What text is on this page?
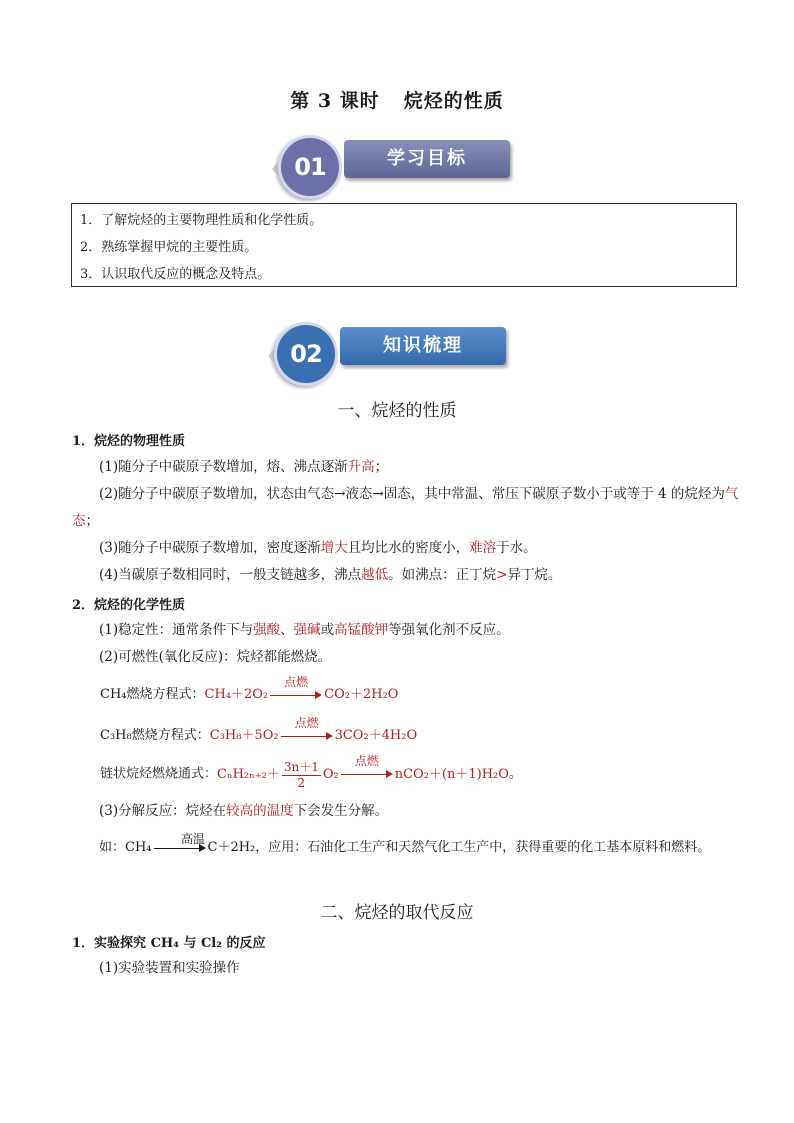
第 3 课时 烷烃的性质
01	学习目标
1．了解烷烃的主要物理性质和化学性质。
2．熟练掌握甲烷的主要性质。
3．认识取代反应的概念及特点。
02	知识梳理
一、烷烃的性质
1．烷烃的物理性质
(1)随分子中碳原子数增加，熔、沸点逐渐升高；
(2)随分子中碳原子数增加，状态由气态→液态→固态，其中常温、常压下碳原子数小于或等于 4 的烷烃为气态；
(3)随分子中碳原子数增加，密度逐渐增大且均比水的密度小，难溶于水。
(4)当碳原子数相同时，一般支链越多，沸点越低。如沸点：正丁烷>异丁烷。
2．烷烃的化学性质
(1)稳定性：通常条件下与强酸、强碱或高锰酸钾等强氧化剂不反应。
(2)可燃性(氧化反应)：烷烃都能燃烧。
CH₄燃烧方程式：CH₄＋2O₂
点燃
CO₂＋2H₂O
C₃H₈燃烧方程式：C₃H₈＋5O₂
点燃
3CO₂＋4H₂O
链状烷烃燃烧通式：$C_nH_{2n+2}+ \frac{3n+1}{2} O_2$
点燃
nCO₂＋(n＋1)H₂O。
(3)分解反应：烷烃在较高的温度下会发生分解。
如：CH₄
高温
C＋2H₂，应用：石油化工生产和天然气化工生产中，获得重要的化工基本原料和燃料。
二、烷烃的取代反应
1．实验探究 CH₄ 与 Cl₂ 的反应
(1)实验装置和实验操作
